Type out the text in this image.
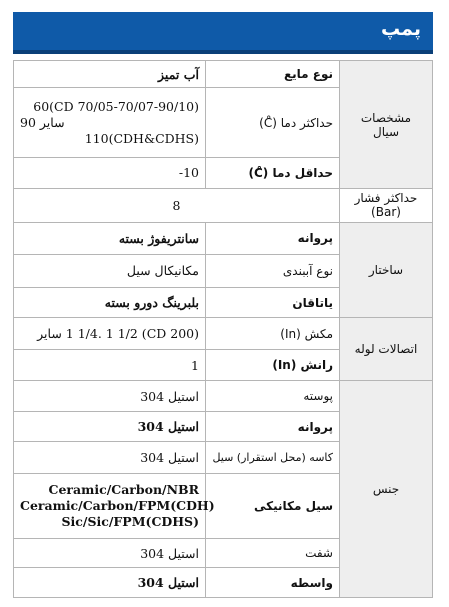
پمپ
مشخصات سیال	نوع مایع	آب تمیز
	حداکثر دما (C̊)	60(CD 70/05-70/07-90/10)
سایر 90
110(CDH&CDHS)

	حداقل دما (C̊)	-10
حداکثر فشار (Bar)	8	
ساختار	پروانه	سانتریفوژ بسته
	نوع آببندی	مکانیکال سیل
	یاتاقان	بلبرینگ دورو بسته
اتصالات لوله	مکش (In)	(CD 200) 1 1/4. 1 1/2 سایر
	رانش (In)	1
جنس	پوسته	استیل 304
	پروانه	استیل 304
	کاسه (محل استقرار) سیل	استیل 304
	سیل مکانیکی	Ceramic/Carbon/NBR
Ceramic/Carbon/FPM(CDH)
Sic/Sic/FPM(CDHS)

	شفت	استیل 304
	واسطه	استیل 304
